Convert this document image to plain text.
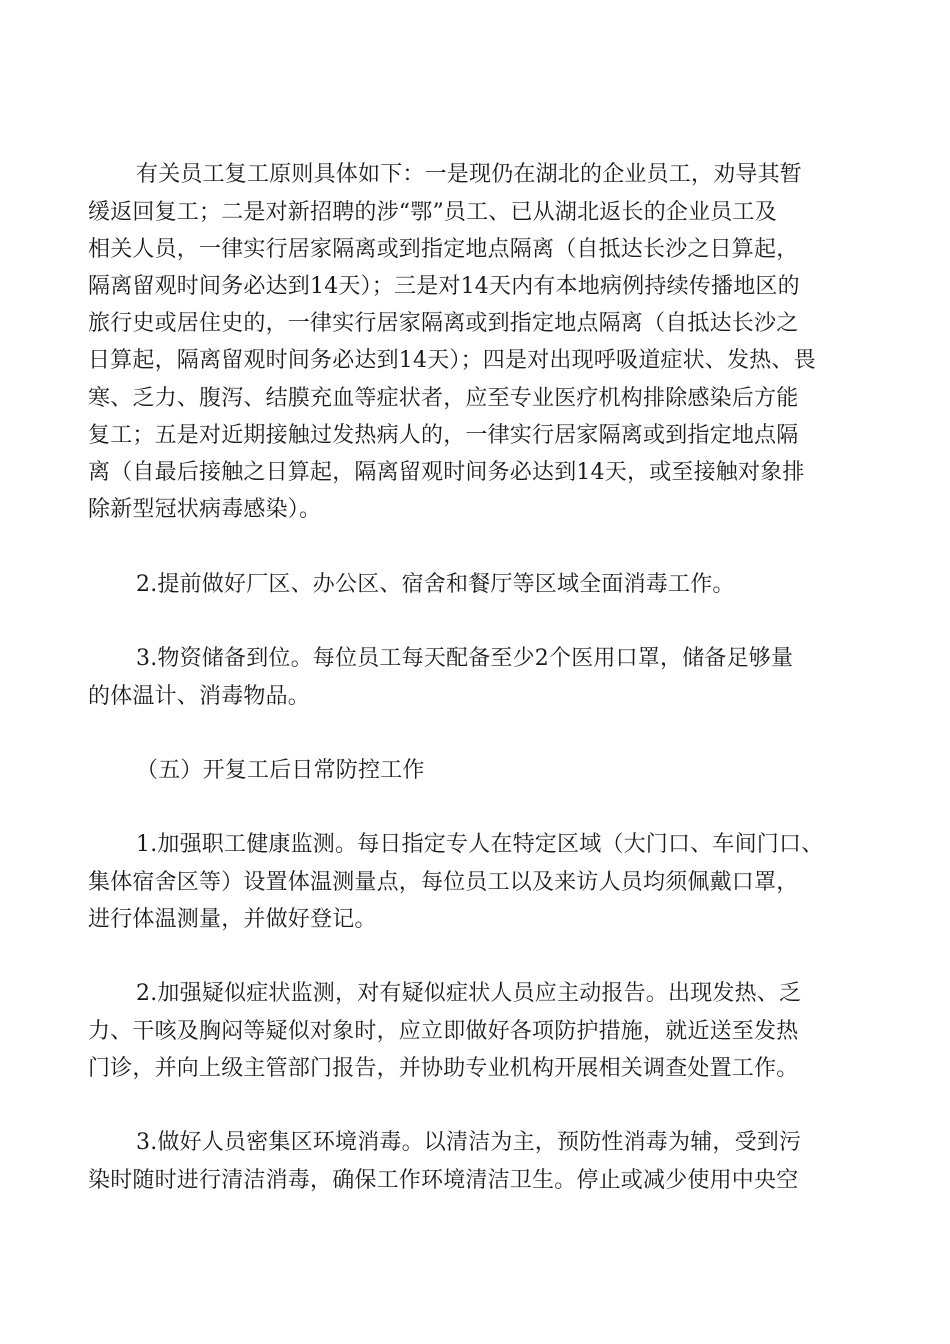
有关员工复工原则具体如下：一是现仍在湖北的企业员工，劝导其暂
缓返回复工；二是对新招聘的涉“鄂”员工、已从湖北返长的企业员工及
相关人员，一律实行居家隔离或到指定地点隔离（自抵达长沙之日算起，
隔离留观时间务必达到14天）；三是对14天内有本地病例持续传播地区的
旅行史或居住史的，一律实行居家隔离或到指定地点隔离（自抵达长沙之
日算起，隔离留观时间务必达到14天）；四是对出现呼吸道症状、发热、畏
寒、乏力、腹泻、结膜充血等症状者，应至专业医疗机构排除感染后方能
复工；五是对近期接触过发热病人的，一律实行居家隔离或到指定地点隔
离（自最后接触之日算起，隔离留观时间务必达到14天，或至接触对象排
除新型冠状病毒感染）。
2.提前做好厂区、办公区、宿舍和餐厅等区域全面消毒工作。
3.物资储备到位。每位员工每天配备至少2个医用口罩，储备足够量
的体温计、消毒物品。
（五）开复工后日常防控工作
1.加强职工健康监测。每日指定专人在特定区域（大门口、车间门口、
集体宿舍区等）设置体温测量点，每位员工以及来访人员均须佩戴口罩，
进行体温测量，并做好登记。
2.加强疑似症状监测，对有疑似症状人员应主动报告。出现发热、乏
力、干咳及胸闷等疑似对象时，应立即做好各项防护措施，就近送至发热
门诊，并向上级主管部门报告，并协助专业机构开展相关调查处置工作。
3.做好人员密集区环境消毒。以清洁为主，预防性消毒为辅，受到污
染时随时进行清洁消毒，确保工作环境清洁卫生。停止或减少使用中央空
